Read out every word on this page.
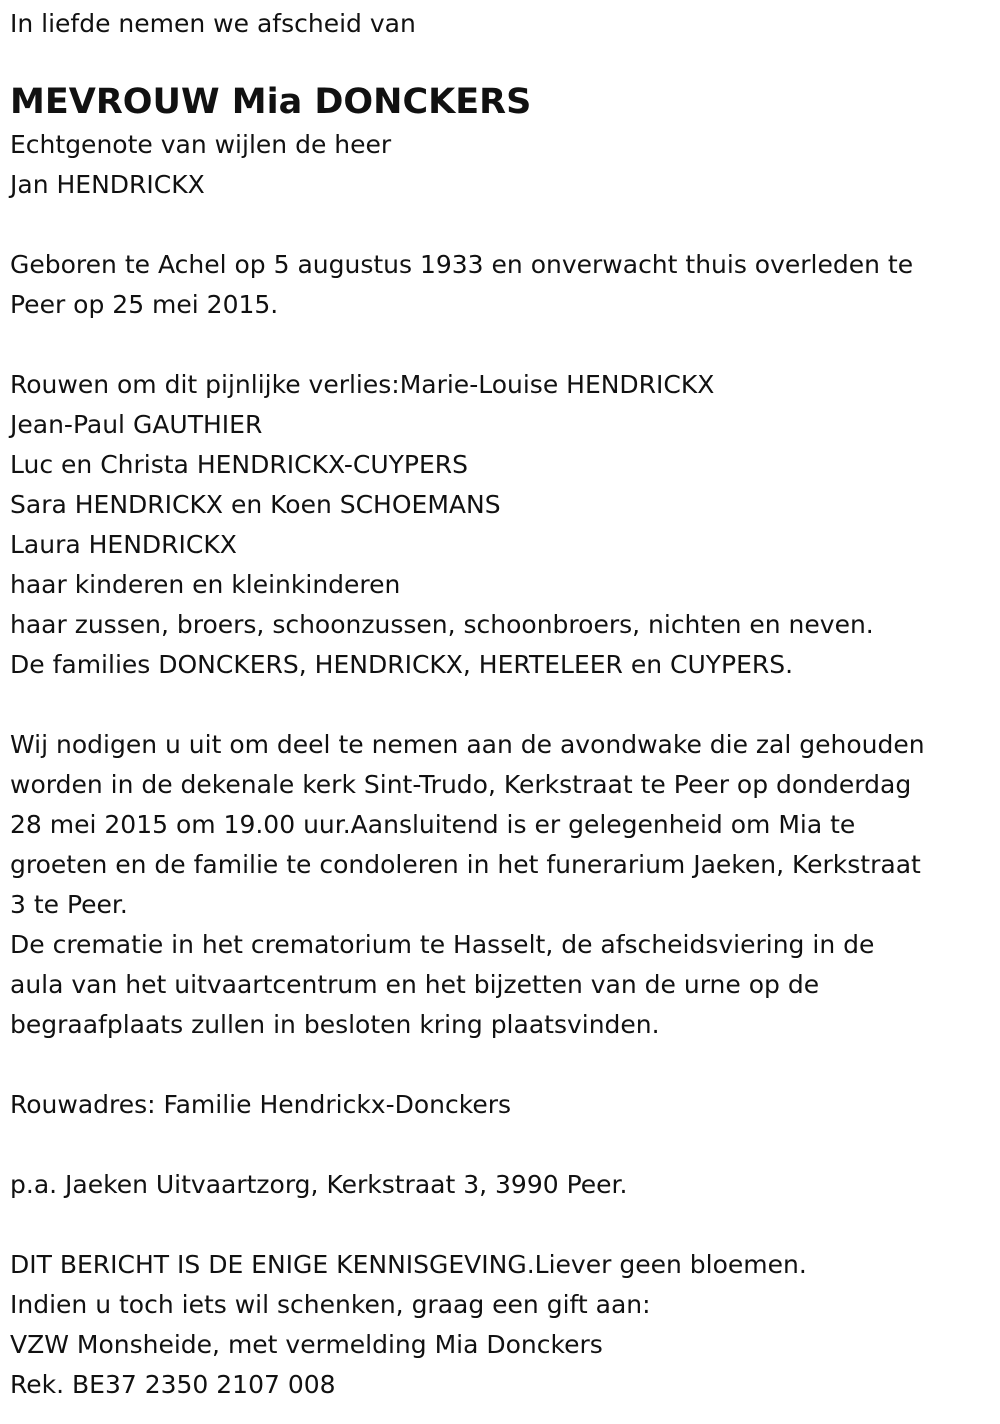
In liefde nemen we afscheid van

MEVROUW Mia DONCKERS

Echtgenote van wijlen de heer

Jan HENDRICKX

Geboren te Achel op 5 augustus 1933 en onverwacht thuis overleden te

Peer op 25 mei 2015.

Rouwen om dit pijnlijke verlies:Marie-Louise HENDRICKX

Jean-Paul GAUTHIER

Luc en Christa HENDRICKX-CUYPERS

Sara HENDRICKX en Koen SCHOEMANS

Laura HENDRICKX

haar kinderen en kleinkinderen

haar zussen, broers, schoonzussen, schoonbroers, nichten en neven.

De families DONCKERS, HENDRICKX, HERTELEER en CUYPERS.

Wij nodigen u uit om deel te nemen aan de avondwake die zal gehouden

worden in de dekenale kerk Sint-Trudo, Kerkstraat te Peer op donderdag

28 mei 2015 om 19.00 uur.Aansluitend is er gelegenheid om Mia te

groeten en de familie te condoleren in het funerarium Jaeken, Kerkstraat

3 te Peer.

De crematie in het crematorium te Hasselt, de afscheidsviering in de

aula van het uitvaartcentrum en het bijzetten van de urne op de

begraafplaats zullen in besloten kring plaatsvinden.

Rouwadres: Familie Hendrickx-Donckers

p.a. Jaeken Uitvaartzorg, Kerkstraat 3, 3990 Peer.

DIT BERICHT IS DE ENIGE KENNISGEVING.Liever geen bloemen.

Indien u toch iets wil schenken, graag een gift aan:

VZW Monsheide, met vermelding Mia Donckers

Rek. BE37 2350 2107 008
